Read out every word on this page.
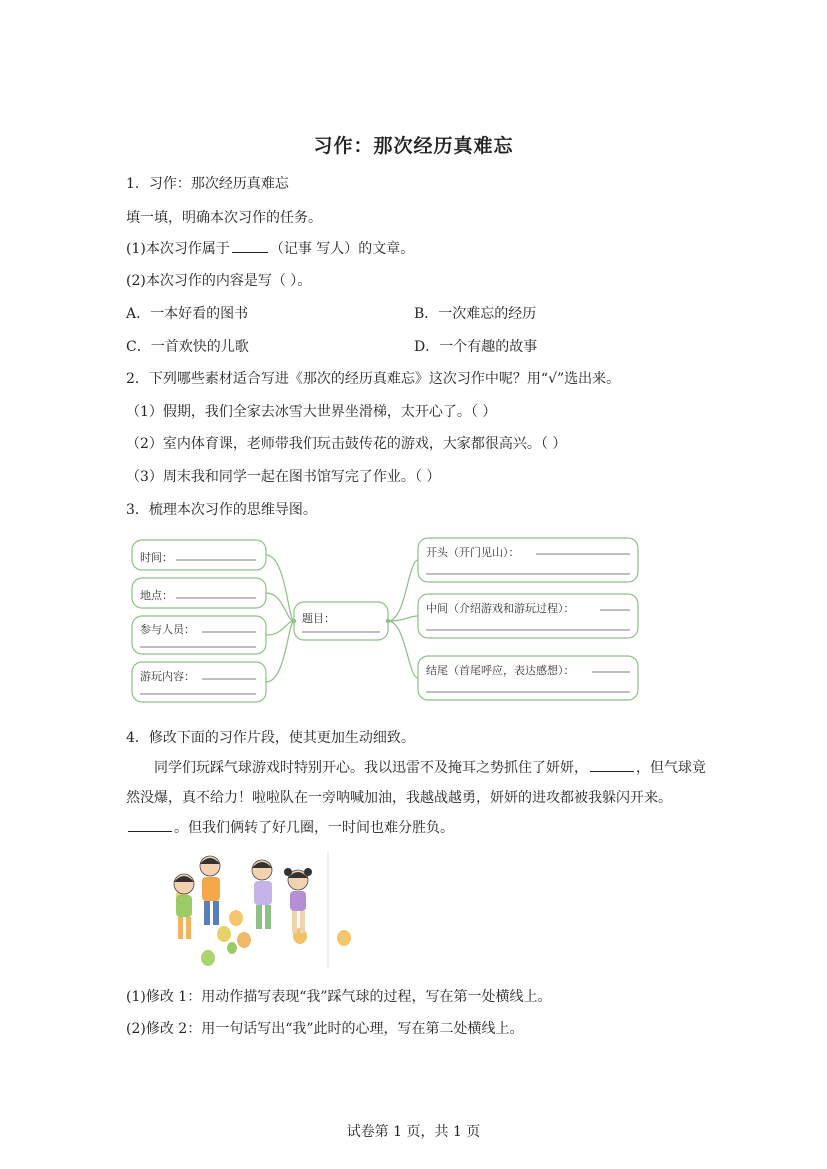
习作：那次经历真难忘
1．习作：那次经历真难忘
填一填，明确本次习作的任务。
(1)本次习作属于	（记事 写人）的文章。
(2)本次习作的内容是写（ ）。
A．一本好看的图书	B．一次难忘的经历
C．一首欢快的儿歌	D．一个有趣的故事
2．下列哪些素材适合写进《那次的经历真难忘》这次习作中呢？用“√”选出来。
（1）假期，我们全家去冰雪大世界坐滑梯，太开心了。（ ）
（2）室内体育课，老师带我们玩击鼓传花的游戏，大家都很高兴。（ ）
（3）周末我和同学一起在图书馆写完了作业。（ ）
3．梳理本次习作的思维导图。
时间：
地点：
参与人员：
游玩内容：
题目：
开头（开门见山）：
中间（介绍游戏和游玩过程）：
结尾（首尾呼应，表达感想）：
4．修改下面的习作片段，使其更加生动细致。
同学们玩踩气球游戏时特别开心。我以迅雷不及掩耳之势抓住了妍妍，	，但气球竟然没爆，真不给力！啦啦队在一旁呐喊加油，我越战越勇，妍妍的进攻都被我躲闪开来。。但我们俩转了好几圈，一时间也难分胜负。
(1)修改 1：用动作描写表现“我”踩气球的过程，写在第一处横线上。
(2)修改 2：用一句话写出“我”此时的心理，写在第二处横线上。
试卷第 1 页，共 1 页
